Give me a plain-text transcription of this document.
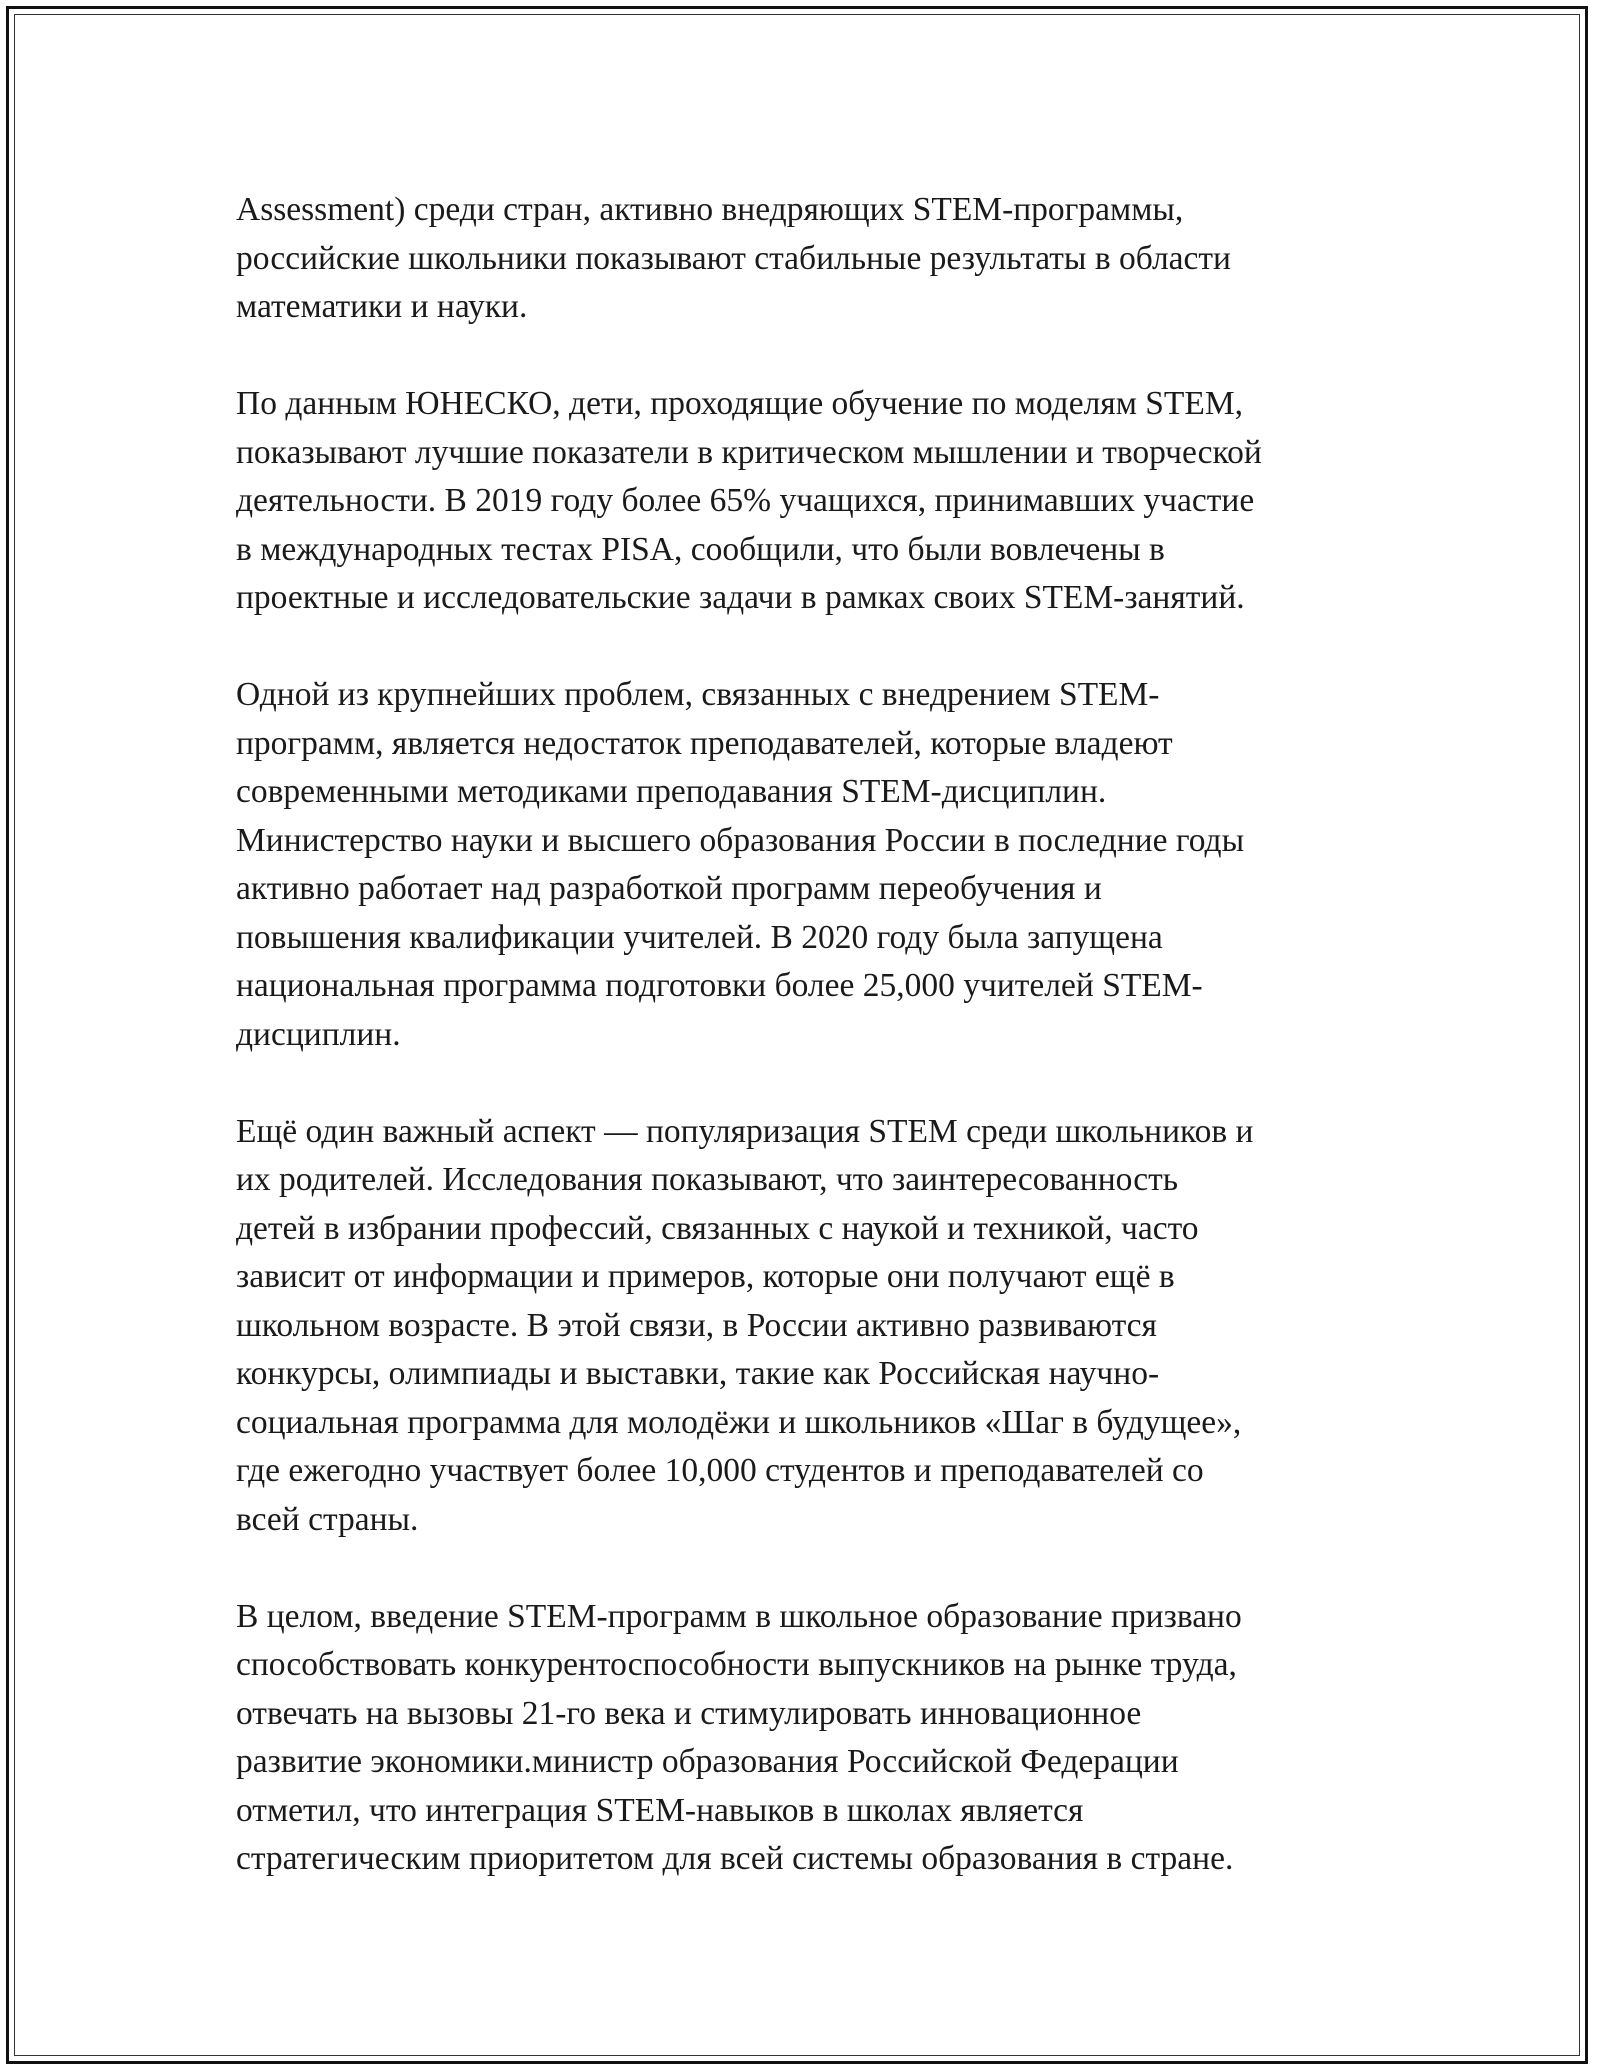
Assessment) среди стран, активно внедряющих STEM-программы,
российские школьники показывают стабильные результаты в области
математики и науки.

По данным ЮНЕСКО, дети, проходящие обучение по моделям STEM,
показывают лучшие показатели в критическом мышлении и творческой
деятельности. В 2019 году более 65% учащихся, принимавших участие
в международных тестах PISA, сообщили, что были вовлечены в
проектные и исследовательские задачи в рамках своих STEM-занятий.

Одной из крупнейших проблем, связанных с внедрением STEM-
программ, является недостаток преподавателей, которые владеют
современными методиками преподавания STEM-дисциплин.
Министерство науки и высшего образования России в последние годы
активно работает над разработкой программ переобучения и
повышения квалификации учителей. В 2020 году была запущена
национальная программа подготовки более 25,000 учителей STEM-
дисциплин.

Ещё один важный аспект — популяризация STEM среди школьников и
их родителей. Исследования показывают, что заинтересованность
детей в избрании профессий, связанных с наукой и техникой, часто
зависит от информации и примеров, которые они получают ещё в
школьном возрасте. В этой связи, в России активно развиваются
конкурсы, олимпиады и выставки, такие как Российская научно-
социальная программа для молодёжи и школьников «Шаг в будущее»,
где ежегодно участвует более 10,000 студентов и преподавателей со
всей страны.

В целом, введение STEM-программ в школьное образование призвано
способствовать конкурентоспособности выпускников на рынке труда,
отвечать на вызовы 21-го века и стимулировать инновационное
развитие экономики.министр образования Российской Федерации
отметил, что интеграция STEM-навыков в школах является
стратегическим приоритетом для всей системы образования в стране.
